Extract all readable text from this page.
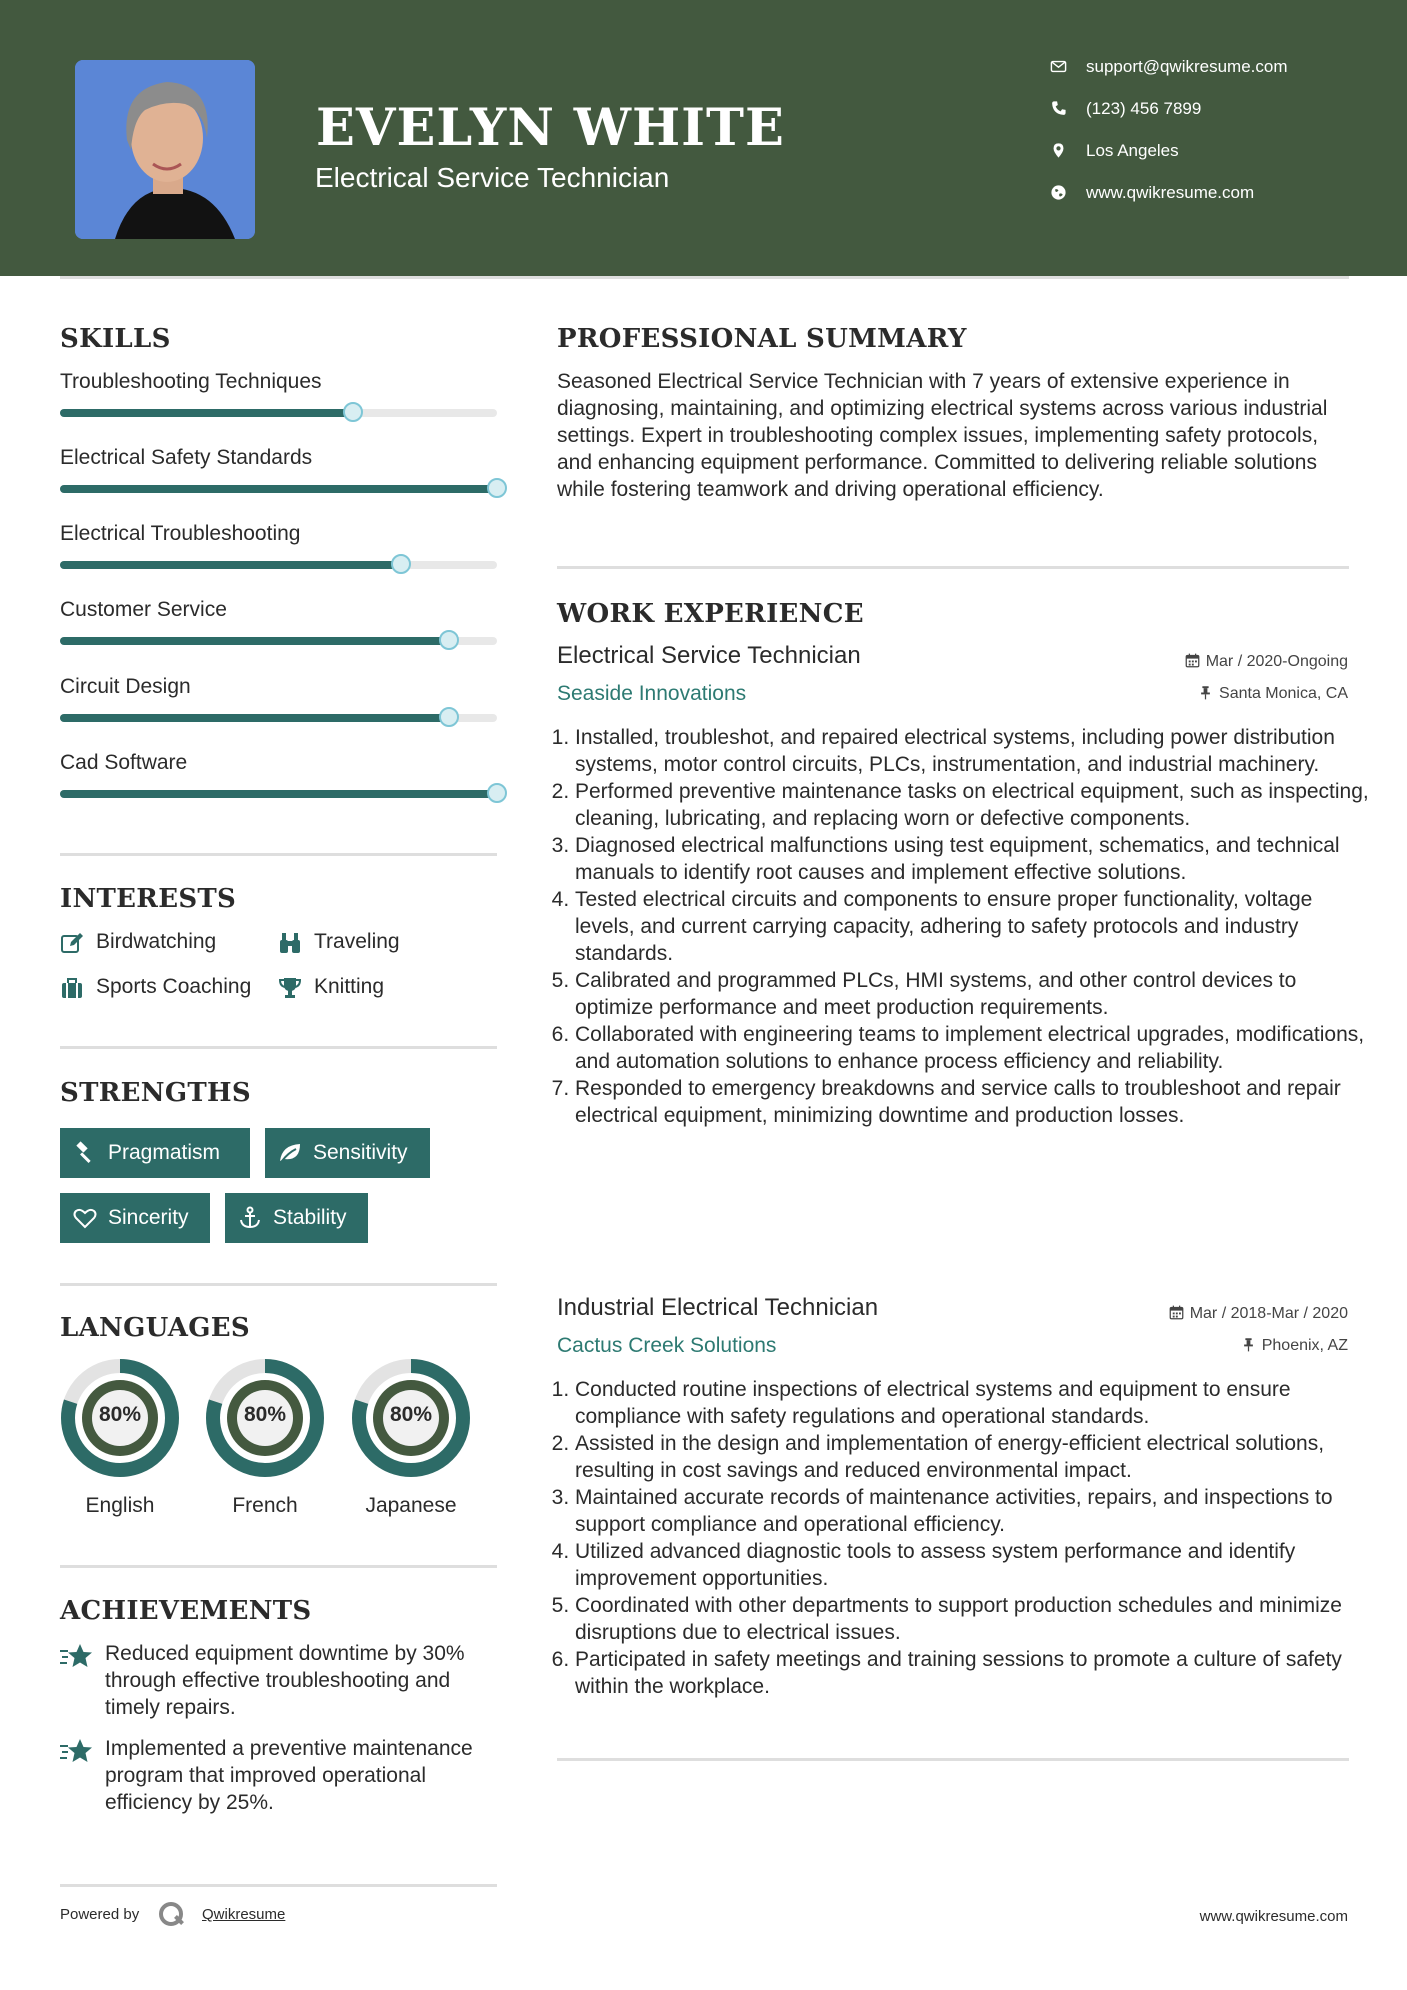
EVELYN WHITE
Electrical Service Technician
support@qwikresume.com
(123) 456 7899
Los Angeles
www.qwikresume.com
SKILLS
Troubleshooting Techniques
Electrical Safety Standards
Electrical Troubleshooting
Customer Service
Circuit Design
Cad Software
INTERESTS
Birdwatching	Traveling
Sports Coaching	Knitting
STRENGTHS
Pragmatism	Sensitivity
Sincerity	Stability
LANGUAGES
80%
English
80%
French
80%
Japanese
ACHIEVEMENTS
Reduced equipment downtime by 30% through effective troubleshooting and timely repairs.
Implemented a preventive maintenance program that improved operational efficiency by 25%.
PROFESSIONAL SUMMARY
Seasoned Electrical Service Technician with 7 years of extensive experience in diagnosing, maintaining, and optimizing electrical systems across various industrial settings. Expert in troubleshooting complex issues, implementing safety protocols, and enhancing equipment performance. Committed to delivering reliable solutions while fostering teamwork and driving operational efficiency.
WORK EXPERIENCE
Electrical Service Technician	Mar / 2020-Ongoing
Seaside Innovations	Santa Monica, CA
1. Installed, troubleshot, and repaired electrical systems, including power distribution systems, motor control circuits, PLCs, instrumentation, and industrial machinery.
2. Performed preventive maintenance tasks on electrical equipment, such as inspecting, cleaning, lubricating, and replacing worn or defective components.
3. Diagnosed electrical malfunctions using test equipment, schematics, and technical manuals to identify root causes and implement effective solutions.
4. Tested electrical circuits and components to ensure proper functionality, voltage levels, and current carrying capacity, adhering to safety protocols and industry standards.
5. Calibrated and programmed PLCs, HMI systems, and other control devices to optimize performance and meet production requirements.
6. Collaborated with engineering teams to implement electrical upgrades, modifications, and automation solutions to enhance process efficiency and reliability.
7. Responded to emergency breakdowns and service calls to troubleshoot and repair electrical equipment, minimizing downtime and production losses.
Industrial Electrical Technician	Mar / 2018-Mar / 2020
Cactus Creek Solutions	Phoenix, AZ
1. Conducted routine inspections of electrical systems and equipment to ensure compliance with safety regulations and operational standards.
2. Assisted in the design and implementation of energy-efficient electrical solutions, resulting in cost savings and reduced environmental impact.
3. Maintained accurate records of maintenance activities, repairs, and inspections to support compliance and operational efficiency.
4. Utilized advanced diagnostic tools to assess system performance and identify improvement opportunities.
5. Coordinated with other departments to support production schedules and minimize disruptions due to electrical issues.
6. Participated in safety meetings and training sessions to promote a culture of safety within the workplace.
Powered by	Qwikresume	www.qwikresume.com
